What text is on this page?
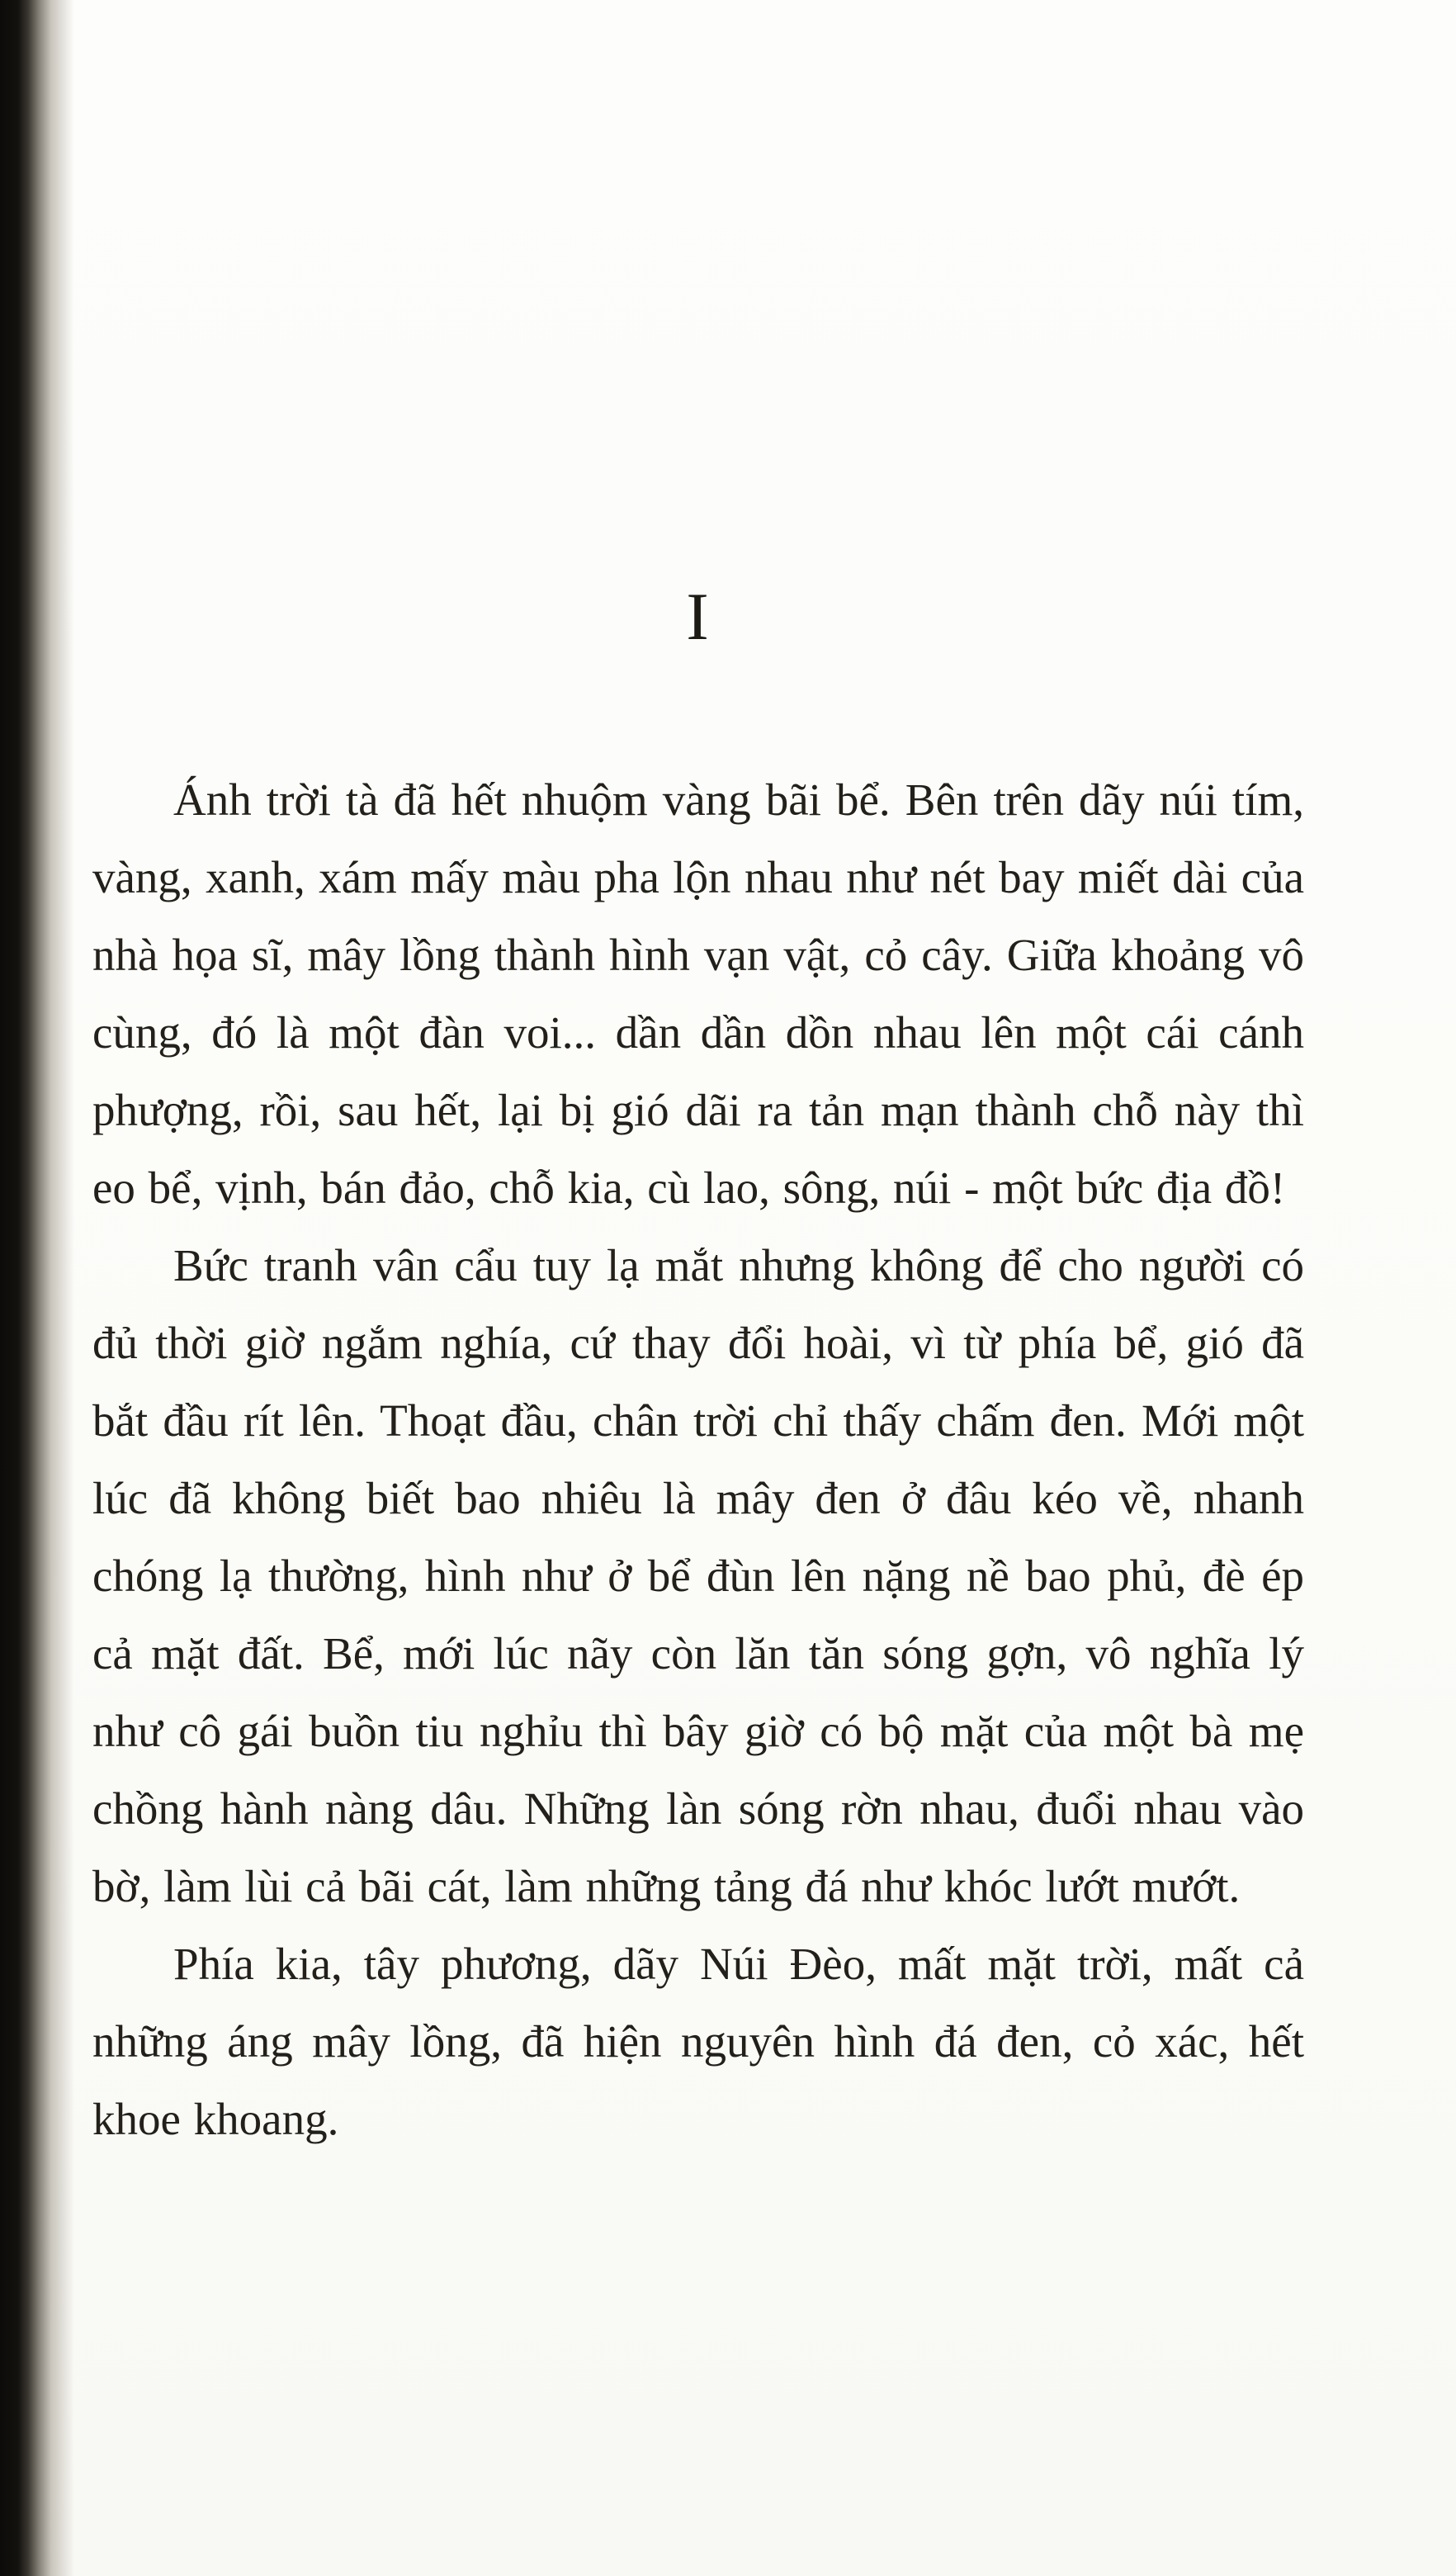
I

Ánh trời tà đã hết nhuộm vàng bãi bể. Bên trên dãy núi tím, vàng, xanh, xám mấy màu pha lộn nhau như nét bay miết dài của nhà họa sĩ, mây lồng thành hình vạn vật, cỏ cây. Giữa khoảng vô cùng, đó là một đàn voi... dần dần dồn nhau lên một cái cánh phượng, rồi, sau hết, lại bị gió dãi ra tản mạn thành chỗ này thì eo bể, vịnh, bán đảo, chỗ kia, cù lao, sông, núi - một bức địa đồ!

Bức tranh vân cẩu tuy lạ mắt nhưng không để cho người có đủ thời giờ ngắm nghía, cứ thay đổi hoài, vì từ phía bể, gió đã bắt đầu rít lên. Thoạt đầu, chân trời chỉ thấy chấm đen. Mới một lúc đã không biết bao nhiêu là mây đen ở đâu kéo về, nhanh chóng lạ thường, hình như ở bể đùn lên nặng nề bao phủ, đè ép cả mặt đất. Bể, mới lúc nãy còn lăn tăn sóng gợn, vô nghĩa lý như cô gái buồn tiu nghỉu thì bây giờ có bộ mặt của một bà mẹ chồng hành nàng dâu. Những làn sóng rờn nhau, đuổi nhau vào bờ, làm lùi cả bãi cát, làm những tảng đá như khóc lướt mướt.

Phía kia, tây phương, dãy Núi Đèo, mất mặt trời, mất cả những áng mây lồng, đã hiện nguyên hình đá đen, cỏ xác, hết khoe khoang.
